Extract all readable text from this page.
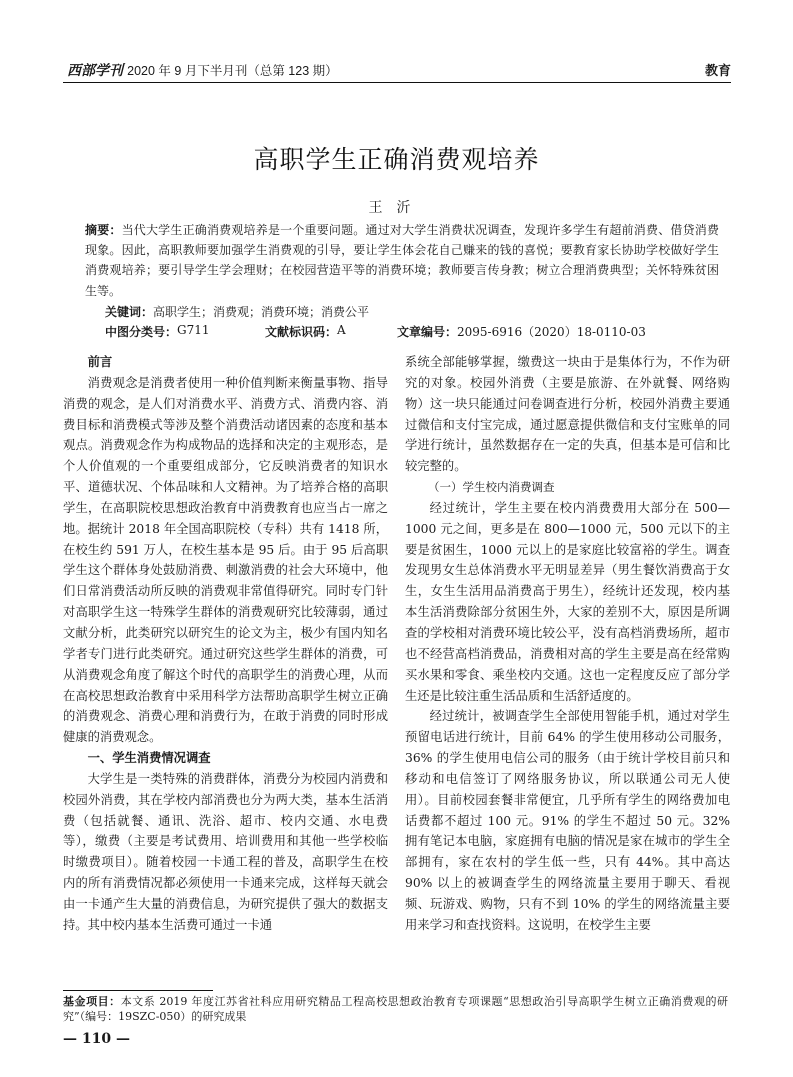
西部学刊 2020 年 9 月下半月刊（总第 123 期）	教育
高职学生正确消费观培养
王沂
摘要：当代大学生正确消费观培养是一个重要问题。通过对大学生消费状况调查，发现许多学生有超前消费、借贷消费现象。因此，高职教师要加强学生消费观的引导，要让学生体会花自己赚来的钱的喜悦；要教育家长协助学校做好学生消费观培养；要引导学生学会理财；在校园营造平等的消费环境；教师要言传身教；树立合理消费典型；关怀特殊贫困生等。
关键词：高职学生；消费观；消费环境；消费公平
中图分类号： G711	文献标识码： A	文章编号： 2095-6916（2020）18-0110-03
前言

消费观念是消费者使用一种价值判断来衡量事物、指导消费的观念，是人们对消费水平、消费方式、消费内容、消费目标和消费模式等涉及整个消费活动诸因素的态度和基本观点。消费观念作为构成物品的选择和决定的主观形态，是个人价值观的一个重要组成部分，它反映消费者的知识水平、道德状况、个体品味和人文精神。为了培养合格的高职学生，在高职院校思想政治教育中消费教育也应当占一席之地。据统计 2018 年全国高职院校（专科）共有 1418 所，在校生约 591 万人，在校生基本是 95 后。由于 95 后高职学生这个群体身处鼓励消费、刺激消费的社会大环境中，他们日常消费活动所反映的消费观非常值得研究。同时专门针对高职学生这一特殊学生群体的消费观研究比较薄弱，通过文献分析，此类研究以研究生的论文为主，极少有国内知名学者专门进行此类研究。通过研究这些学生群体的消费，可从消费观念角度了解这个时代的高职学生的消费心理，从而在高校思想政治教育中采用科学方法帮助高职学生树立正确的消费观念、消费心理和消费行为，在敢于消费的同时形成健康的消费观念。

一、学生消费情况调查

大学生是一类特殊的消费群体，消费分为校园内消费和校园外消费，其在学校内部消费也分为两大类，基本生活消费（包括就餐、通讯、洗浴、超市、校内交通、水电费等），缴费（主要是考试费用、培训费用和其他一些学校临时缴费项目）。随着校园一卡通工程的普及，高职学生在校内的所有消费情况都必须使用一卡通来完成，这样每天就会由一卡通产生大量的消费信息，为研究提供了强大的数据支持。其中校内基本生活费可通过一卡通

系统全部能够掌握，缴费这一块由于是集体行为，不作为研究的对象。校园外消费（主要是旅游、在外就餐、网络购物）这一块只能通过问卷调查进行分析，校园外消费主要通过微信和支付宝完成，通过愿意提供微信和支付宝账单的同学进行统计，虽然数据存在一定的失真，但基本是可信和比较完整的。

（一）学生校内消费调查

经过统计，学生主要在校内消费费用大部分在 500—1000 元之间，更多是在 800—1000 元，500 元以下的主要是贫困生，1000 元以上的是家庭比较富裕的学生。调查发现男女生总体消费水平无明显差异（男生餐饮消费高于女生，女生生活用品消费高于男生），经统计还发现，校内基本生活消费除部分贫困生外，大家的差别不大，原因是所调查的学校相对消费环境比较公平，没有高档消费场所，超市也不经营高档消费品，消费相对高的学生主要是高在经常购买水果和零食、乘坐校内交通。这也一定程度反应了部分学生还是比较注重生活品质和生活舒适度的。

经过统计，被调查学生全部使用智能手机，通过对学生预留电话进行统计，目前 64% 的学生使用移动公司服务，36% 的学生使用电信公司的服务（由于统计学校目前只和移动和电信签订了网络服务协议，所以联通公司无人使用）。目前校园套餐非常便宜，几乎所有学生的网络费加电话费都不超过 100 元。91% 的学生不超过 50 元。32% 拥有笔记本电脑，家庭拥有电脑的情况是家在城市的学生全部拥有，家在农村的学生低一些，只有 44%。其中高达 90% 以上的被调查学生的网络流量主要用于聊天、看视频、玩游戏、购物，只有不到 10% 的学生的网络流量主要用来学习和查找资料。这说明，在校学生主要

基金项目：本文系 2019 年度江苏省社科应用研究精品工程高校思想政治教育专项课题“思想政治引导高职学生树立正确消费观的研究”（编号：19SZC-050）的研究成果
— 110 —
